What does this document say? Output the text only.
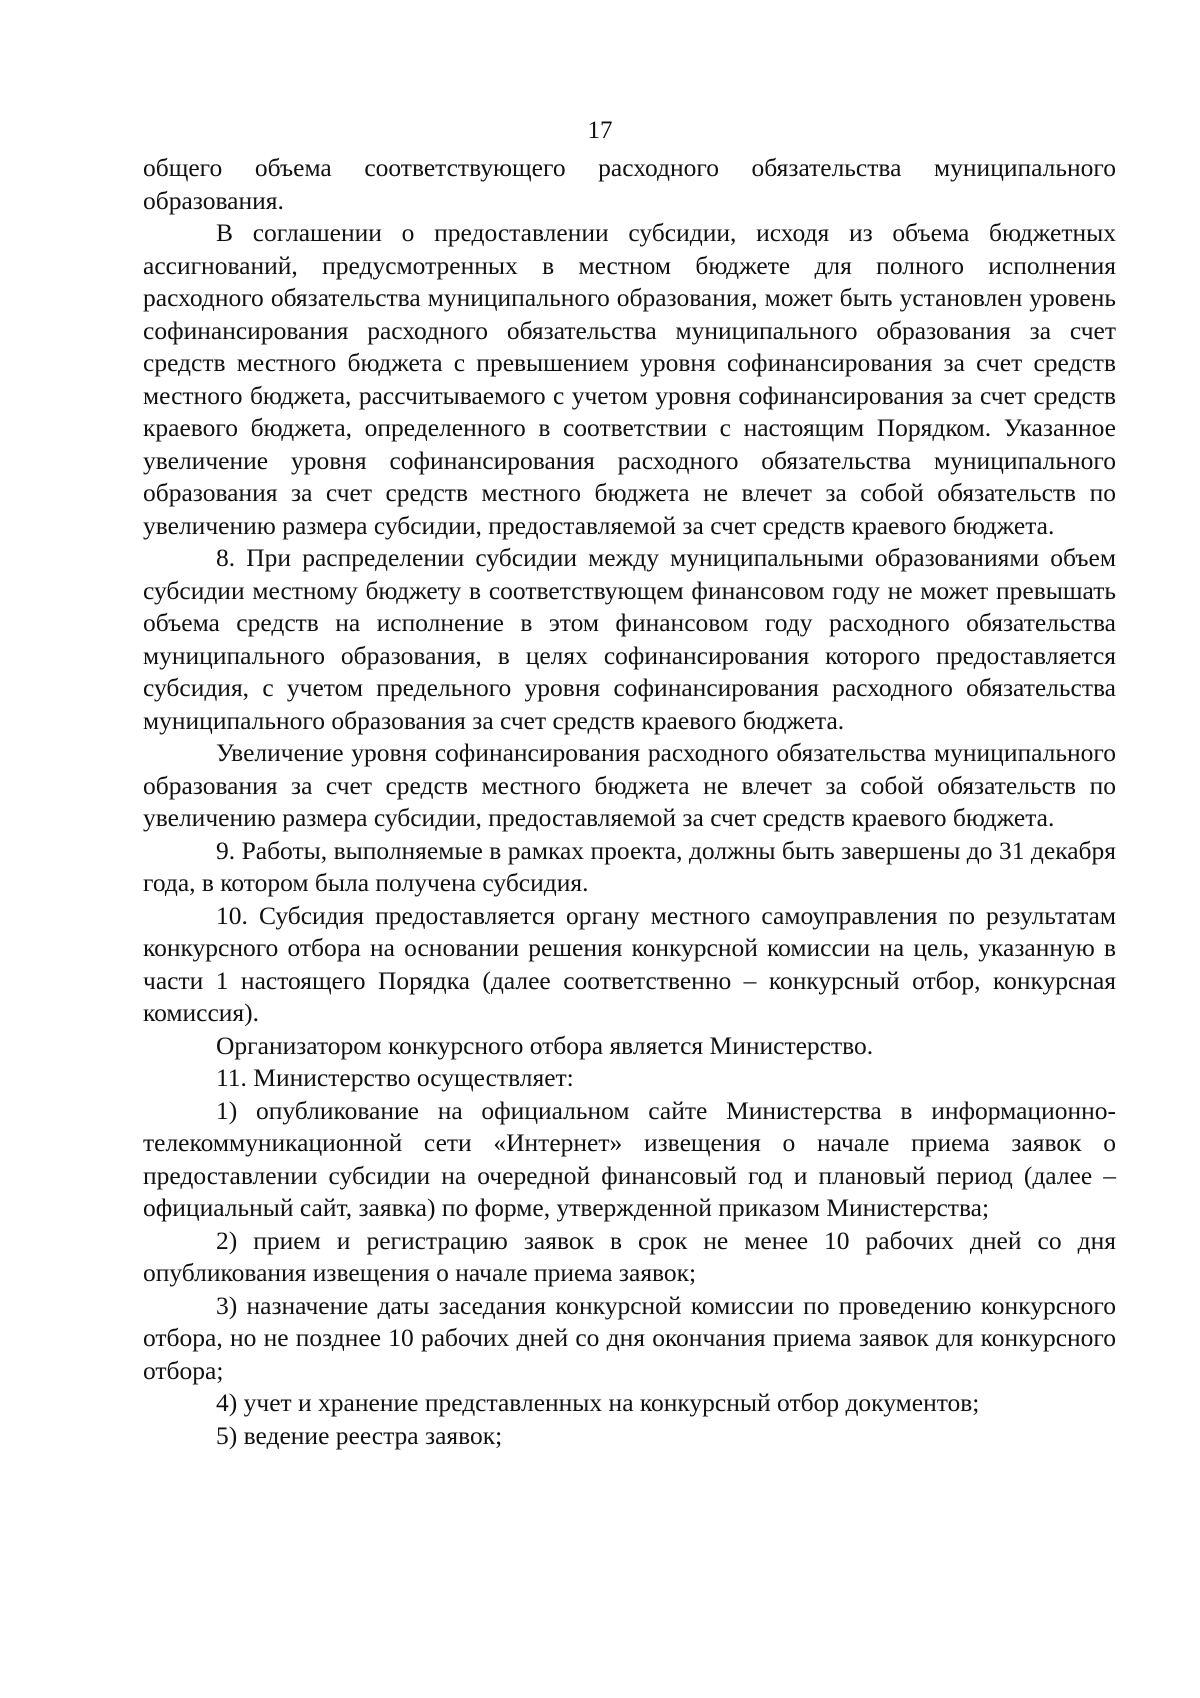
17

общего объема соответствующего расходного обязательства муниципального образования.

В соглашении о предоставлении субсидии, исходя из объема бюджетных ассигнований, предусмотренных в местном бюджете для полного исполнения расходного обязательства муниципального образования, может быть установлен уровень софинансирования расходного обязательства муниципального образования за счет средств местного бюджета с превышением уровня софинансирования за счет средств местного бюджета, рассчитываемого с учетом уровня софинансирования за счет средств краевого бюджета, определенного в соответствии с настоящим Порядком. Указанное увеличение уровня софинансирования расходного обязательства муниципального образования за счет средств местного бюджета не влечет за собой обязательств по увеличению размера субсидии, предоставляемой за счет средств краевого бюджета.

8. При распределении субсидии между муниципальными образованиями объем субсидии местному бюджету в соответствующем финансовом году не может превышать объема средств на исполнение в этом финансовом году расходного обязательства муниципального образования, в целях софинансирования которого предоставляется субсидия, с учетом предельного уровня софинансирования расходного обязательства муниципального образования за счет средств краевого бюджета.

Увеличение уровня софинансирования расходного обязательства муниципального образования за счет средств местного бюджета не влечет за собой обязательств по увеличению размера субсидии, предоставляемой за счет средств краевого бюджета.

9. Работы, выполняемые в рамках проекта, должны быть завершены до 31 декабря года, в котором была получена субсидия.

10. Субсидия предоставляется органу местного самоуправления по результатам конкурсного отбора на основании решения конкурсной комиссии на цель, указанную в части 1 настоящего Порядка (далее соответственно – конкурсный отбор, конкурсная комиссия).

Организатором конкурсного отбора является Министерство.

11. Министерство осуществляет:

1) опубликование на официальном сайте Министерства в информационно-телекоммуникационной сети «Интернет» извещения о начале приема заявок о предоставлении субсидии на очередной финансовый год и плановый период (далее – официальный сайт, заявка) по форме, утвержденной приказом Министерства;

2) прием и регистрацию заявок в срок не менее 10 рабочих дней со дня опубликования извещения о начале приема заявок;

3) назначение даты заседания конкурсной комиссии по проведению конкурсного отбора, но не позднее 10 рабочих дней со дня окончания приема заявок для конкурсного отбора;

4) учет и хранение представленных на конкурсный отбор документов;

5) ведение реестра заявок;
